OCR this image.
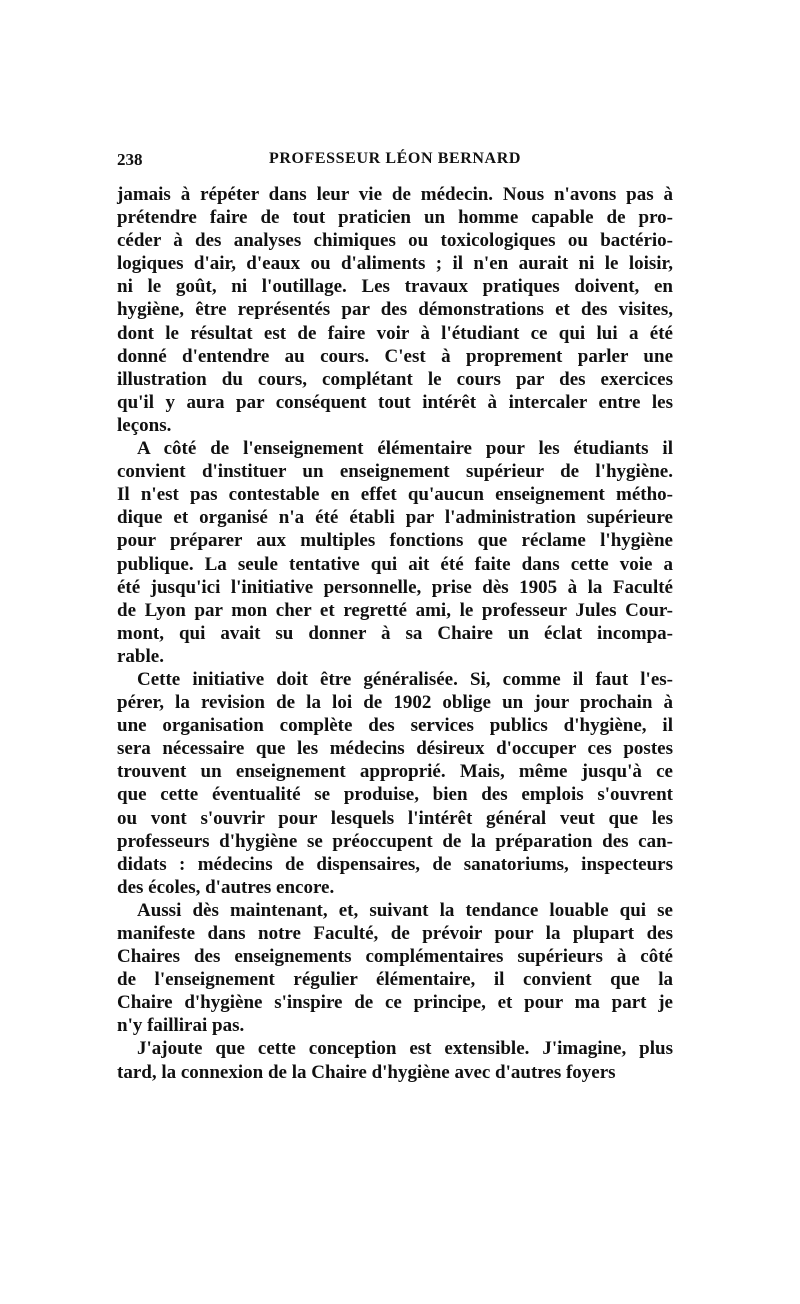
238	PROFESSEUR LÉON BERNARD
jamais à répéter dans leur vie de médecin. Nous n'avons pas à
prétendre faire de tout praticien un homme capable de pro-
céder à des analyses chimiques ou toxicologiques ou bactério-
logiques d'air, d'eaux ou d'aliments ; il n'en aurait ni le loisir,
ni le goût, ni l'outillage. Les travaux pratiques doivent, en
hygiène, être représentés par des démonstrations et des visites,
dont le résultat est de faire voir à l'étudiant ce qui lui a été
donné d'entendre au cours. C'est à proprement parler une
illustration du cours, complétant le cours par des exercices
qu'il y aura par conséquent tout intérêt à intercaler entre les
leçons.
A côté de l'enseignement élémentaire pour les étudiants il
convient d'instituer un enseignement supérieur de l'hygiène.
Il n'est pas contestable en effet qu'aucun enseignement métho-
dique et organisé n'a été établi par l'administration supérieure
pour préparer aux multiples fonctions que réclame l'hygiène
publique. La seule tentative qui ait été faite dans cette voie a
été jusqu'ici l'initiative personnelle, prise dès 1905 à la Faculté
de Lyon par mon cher et regretté ami, le professeur Jules Cour-
mont, qui avait su donner à sa Chaire un éclat incompa-
rable.
Cette initiative doit être généralisée. Si, comme il faut l'es-
pérer, la revision de la loi de 1902 oblige un jour prochain à
une organisation complète des services publics d'hygiène, il
sera nécessaire que les médecins désireux d'occuper ces postes
trouvent un enseignement approprié. Mais, même jusqu'à ce
que cette éventualité se produise, bien des emplois s'ouvrent
ou vont s'ouvrir pour lesquels l'intérêt général veut que les
professeurs d'hygiène se préoccupent de la préparation des can-
didats : médecins de dispensaires, de sanatoriums, inspecteurs
des écoles, d'autres encore.
Aussi dès maintenant, et, suivant la tendance louable qui se
manifeste dans notre Faculté, de prévoir pour la plupart des
Chaires des enseignements complémentaires supérieurs à côté
de l'enseignement régulier élémentaire, il convient que la
Chaire d'hygiène s'inspire de ce principe, et pour ma part je
n'y faillirai pas.
J'ajoute que cette conception est extensible. J'imagine, plus
tard, la connexion de la Chaire d'hygiène avec d'autres foyers
